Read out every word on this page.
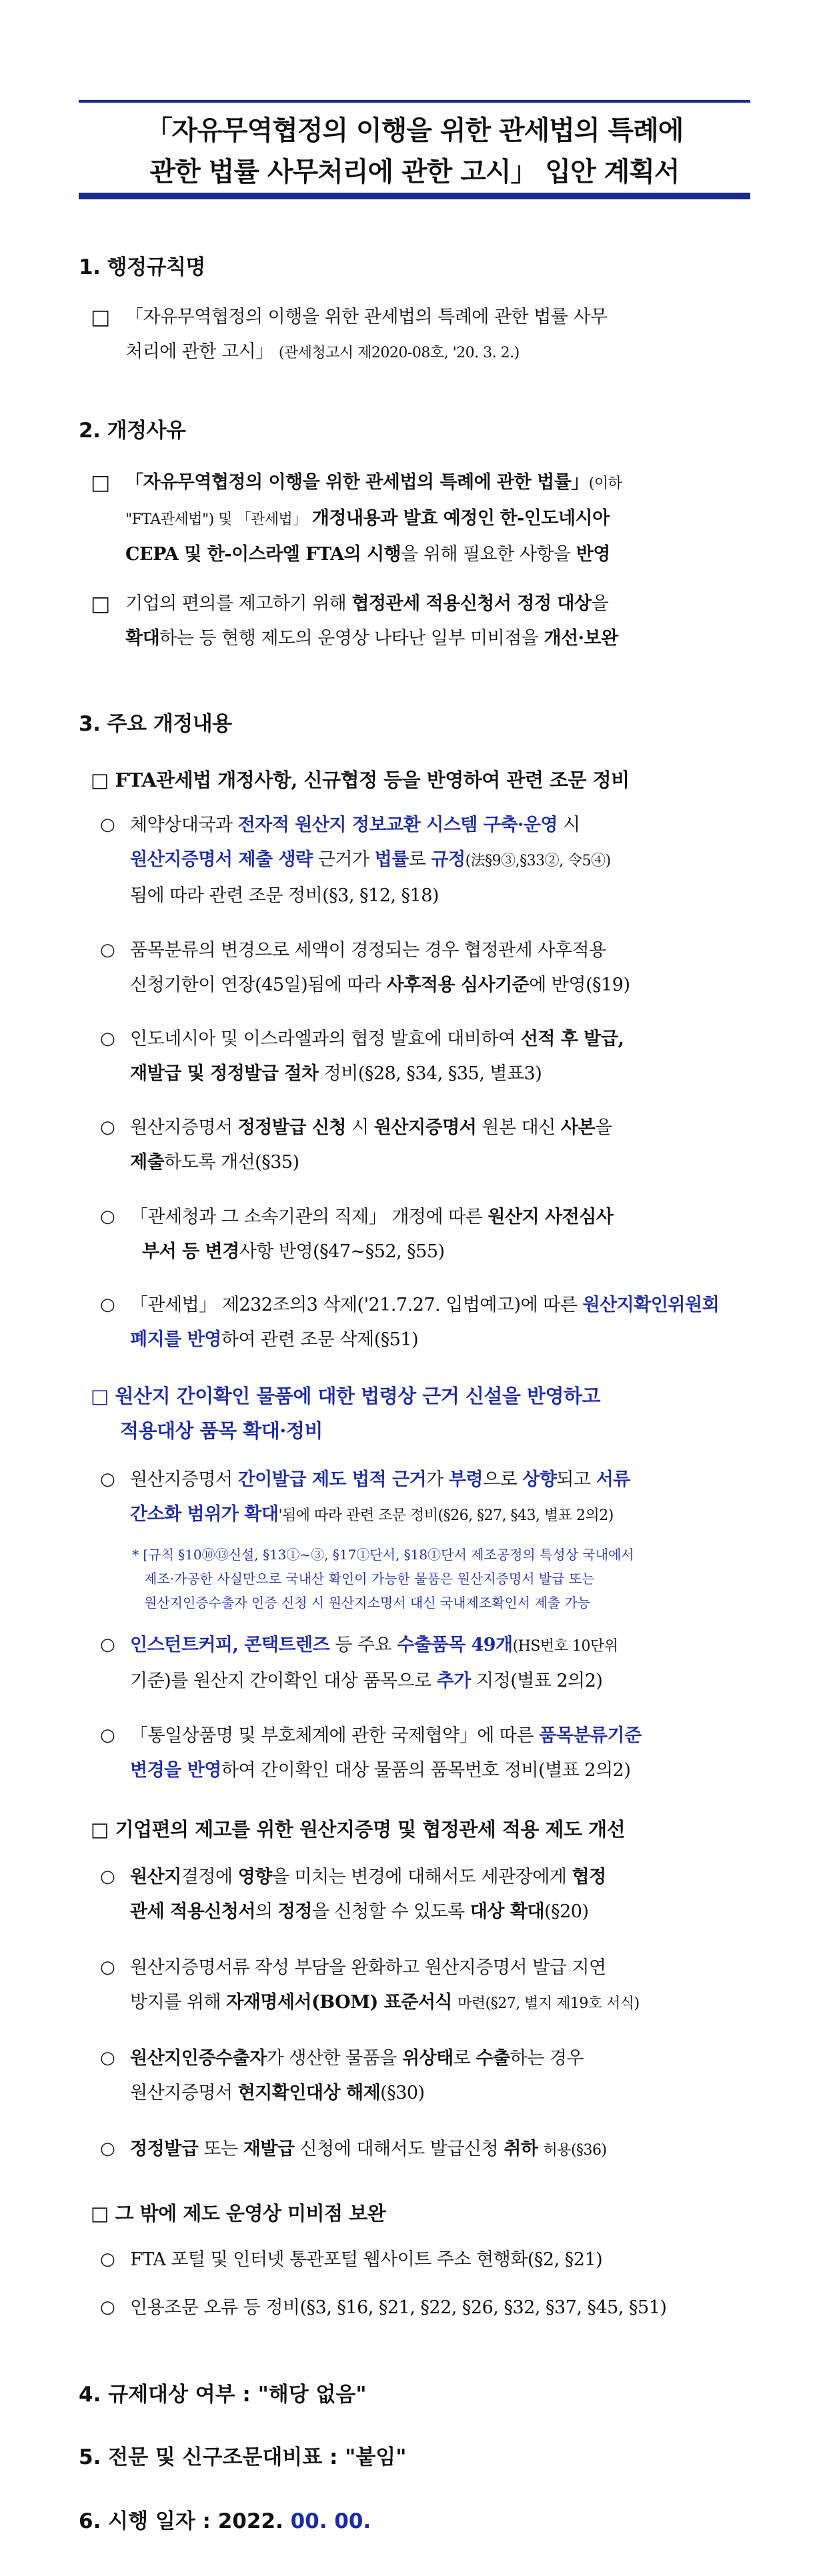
「자유무역협정의 이행을 위한 관세법의 특례에
관한 법률 사무처리에 관한 고시」 입안 계획서
1. 행정규칙명
□ 「자유무역협정의 이행을 위한 관세법의 특례에 관한 법률 사무
처리에 관한 고시」 (관세청고시 제2020-08호, '20. 3. 2.)
2. 개정사유
□ 「자유무역협정의 이행을 위한 관세법의 특례에 관한 법률」(이하
"FTA관세법") 및 「관세법」 개정내용과 발효 예정인 한-인도네시아
CEPA 및 한-이스라엘 FTA의 시행을 위해 필요한 사항을 반영
□ 기업의 편의를 제고하기 위해 협정관세 적용신청서 정정 대상을
확대하는 등 현행 제도의 운영상 나타난 일부 미비점을 개선·보완
3. 주요 개정내용
□ FTA관세법 개정사항, 신규협정 등을 반영하여 관련 조문 정비
○ 체약상대국과 전자적 원산지 정보교환 시스템 구축·운영 시
원산지증명서 제출 생략 근거가 법률로 규정(法§9③,§33②, 令5④)
됨에 따라 관련 조문 정비(§3, §12, §18)
○ 품목분류의 변경으로 세액이 경정되는 경우 협정관세 사후적용
신청기한이 연장(45일)됨에 따라 사후적용 심사기준에 반영(§19)
○ 인도네시아 및 이스라엘과의 협정 발효에 대비하여 선적 후 발급,
재발급 및 정정발급 절차 정비(§28, §34, §35, 별표3)
○ 원산지증명서 정정발급 신청 시 원산지증명서 원본 대신 사본을
제출하도록 개선(§35)
○ 「관세청과 그 소속기관의 직제」 개정에 따른 원산지 사전심사
부서 등 변경사항 반영(§47~§52, §55)
○ 「관세법」 제232조의3 삭제('21.7.27. 입법예고)에 따른 원산지확인위원회
폐지를 반영하여 관련 조문 삭제(§51)
□ 원산지 간이확인 물품에 대한 법령상 근거 신설을 반영하고
적용대상 품목 확대·정비
○ 원산지증명서 간이발급 제도 법적 근거가 부령으로 상향되고 서류
간소화 범위가 확대'됨에 따라 관련 조문 정비(§26, §27, §43, 별표 2의2)
* [규칙 §10⑩⑬신설, §13①~③, §17①단서, §18①단서 제조공정의 특성상 국내에서
제조·가공한 사실만으로 국내산 확인이 가능한 물품은 원산지증명서 발급 또는
원산지인증수출자 인증 신청 시 원산지소명서 대신 국내제조확인서 제출 가능
○ 인스턴트커피, 콘택트렌즈 등 주요 수출품목 49개(HS번호 10단위
기준)를 원산지 간이확인 대상 품목으로 추가 지정(별표 2의2)
○ 「통일상품명 및 부호체계에 관한 국제협약」에 따른 품목분류기준
변경을 반영하여 간이확인 대상 물품의 품목번호 정비(별표 2의2)
□ 기업편의 제고를 위한 원산지증명 및 협정관세 적용 제도 개선
○ 원산지결정에 영향을 미치는 변경에 대해서도 세관장에게 협정
관세 적용신청서의 정정을 신청할 수 있도록 대상 확대(§20)
○ 원산지증명서류 작성 부담을 완화하고 원산지증명서 발급 지연
방지를 위해 자재명세서(BOM) 표준서식 마련(§27, 별지 제19호 서식)
○ 원산지인증수출자가 생산한 물품을 위상태로 수출하는 경우
원산지증명서 현지확인대상 해제(§30)
○ 정정발급 또는 재발급 신청에 대해서도 발급신청 취하 허용(§36)
□ 그 밖에 제도 운영상 미비점 보완
○ FTA 포털 및 인터넷 통관포털 웹사이트 주소 현행화(§2, §21)
○ 인용조문 오류 등 정비(§3, §16, §21, §22, §26, §32, §37, §45, §51)
4. 규제대상 여부 : "해당 없음"
5. 전문 및 신구조문대비표 : "붙임"
6. 시행 일자 : 2022. 00. 00.
